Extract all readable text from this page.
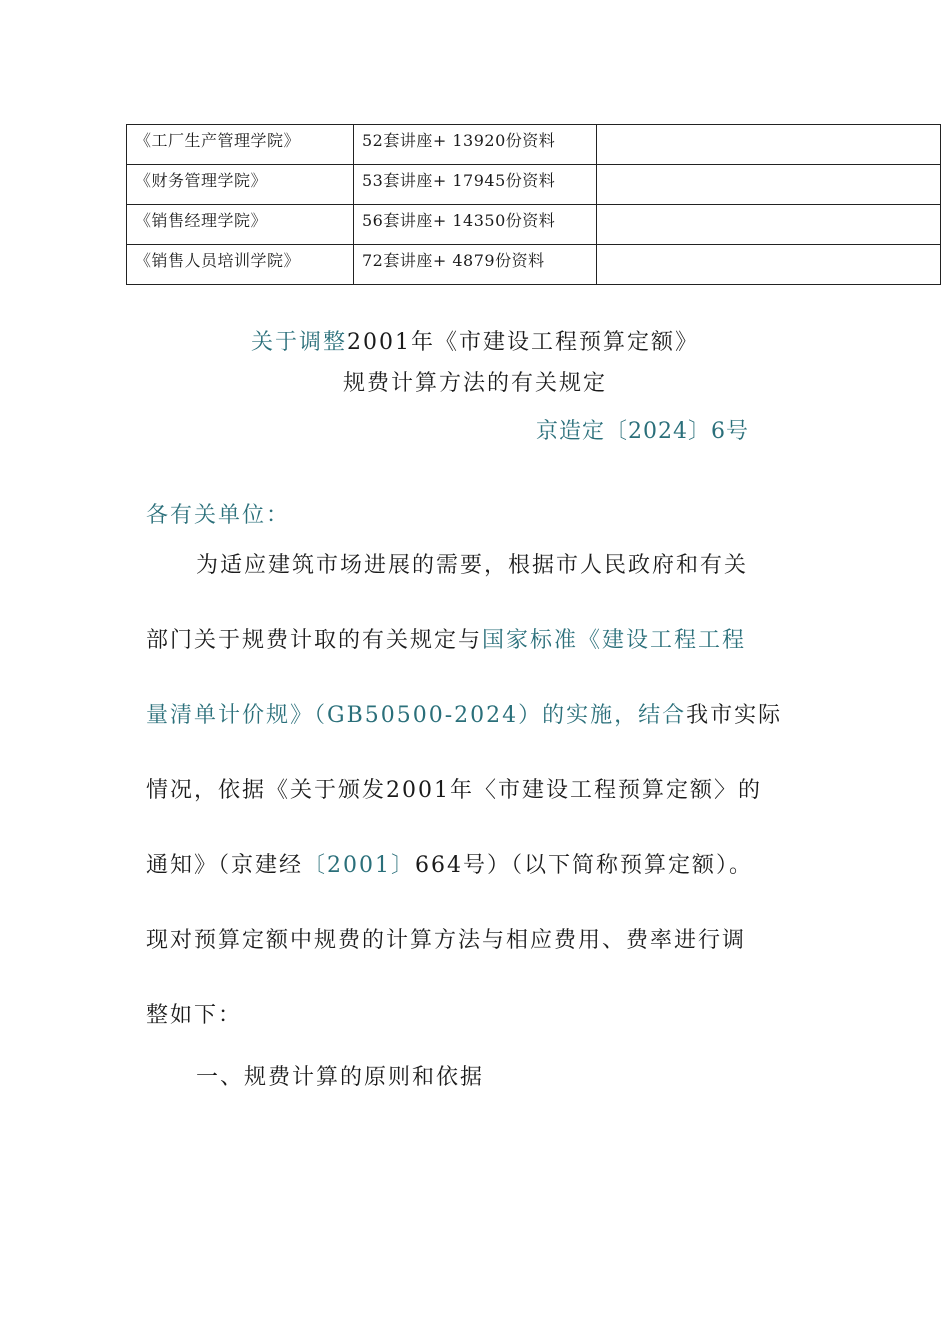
《工厂生产管理学院》	52套讲座+ 13920份资料	
《财务管理学院》	53套讲座+ 17945份资料	
《销售经理学院》	56套讲座+ 14350份资料	
《销售人员培训学院》	72套讲座+ 4879份资料	
关于调整2001年《市建设工程预算定额》
规费计算方法的有关规定
京造定〔2024〕6号
各有关单位：
为适应建筑市场进展的需要，根据市人民政府和有关
部门关于规费计取的有关规定与国家标准《建设工程工程
量清单计价规》（GB50500-2024）的实施，结合我市实际
情况，依据《关于颁发2001年〈市建设工程预算定额〉的
通知》（京建经〔2001〕664号）（以下简称预算定额）。
现对预算定额中规费的计算方法与相应费用、费率进行调
整如下：
一、规费计算的原则和依据
